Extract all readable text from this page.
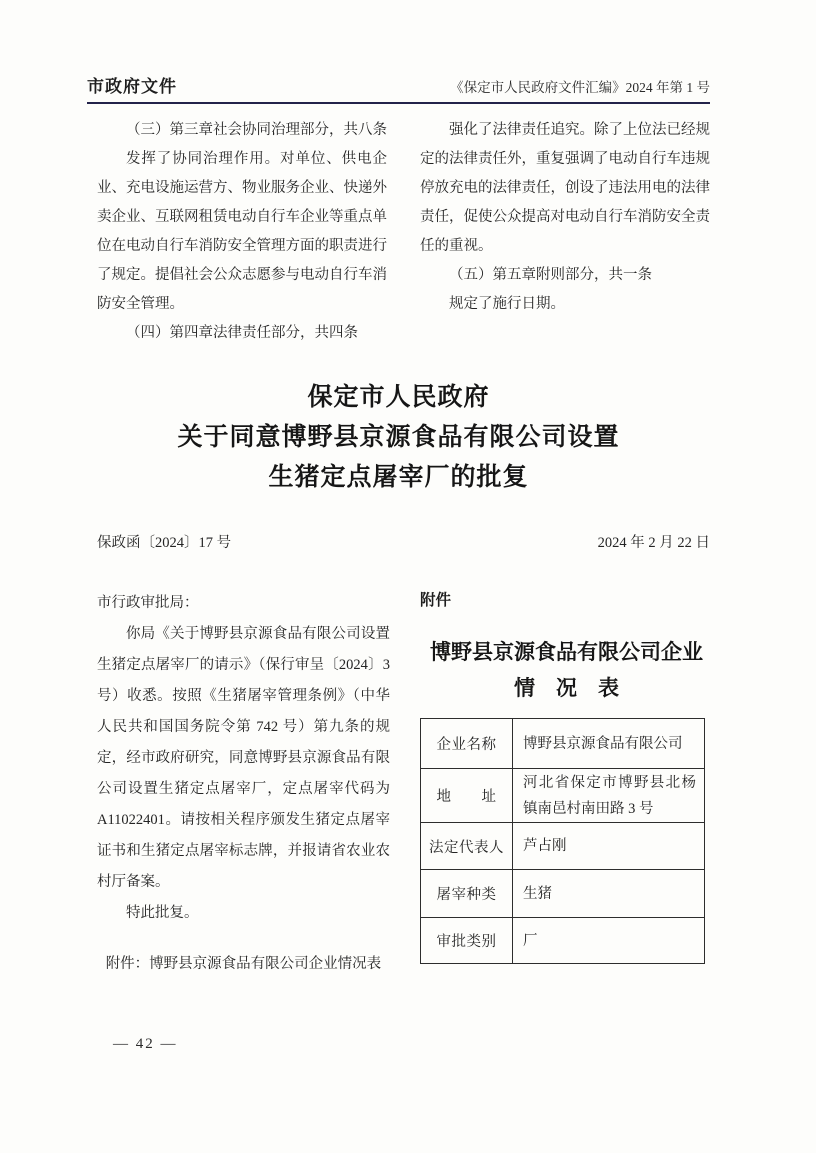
市政府文件	《保定市人民政府文件汇编》2024 年第 1 号

（三）第三章社会协同治理部分，共八条

发挥了协同治理作用。对单位、供电企业、充电设施运营方、物业服务企业、快递外卖企业、互联网租赁电动自行车企业等重点单位在电动自行车消防安全管理方面的职责进行了规定。提倡社会公众志愿参与电动自行车消防安全管理。

（四）第四章法律责任部分，共四条

强化了法律责任追究。除了上位法已经规定的法律责任外，重复强调了电动自行车违规停放充电的法律责任，创设了违法用电的法律责任，促使公众提高对电动自行车消防安全责任的重视。

（五）第五章附则部分，共一条

规定了施行日期。

保定市人民政府
关于同意博野县京源食品有限公司设置
生猪定点屠宰厂的批复
保政函〔2024〕17 号	2024 年 2 月 22 日

市行政审批局：

你局《关于博野县京源食品有限公司设置生猪定点屠宰厂的请示》（保行审呈〔2024〕3号）收悉。按照《生猪屠宰管理条例》（中华人民共和国国务院令第 742 号）第九条的规定，经市政府研究，同意博野县京源食品有限公司设置生猪定点屠宰厂，定点屠宰代码为A11022401。请按相关程序颁发生猪定点屠宰证书和生猪定点屠宰标志牌，并报请省农业农村厅备案。

特此批复。

附件：博野县京源食品有限公司企业情况表

附件
博野县京源食品有限公司企业
情　况　表
企业名称	博野县京源食品有限公司
地　　址	河北省保定市博野县北杨镇南邑村南田路 3 号
法定代表人	芦占刚
屠宰种类	生猪
审批类别	厂
— 42 —
